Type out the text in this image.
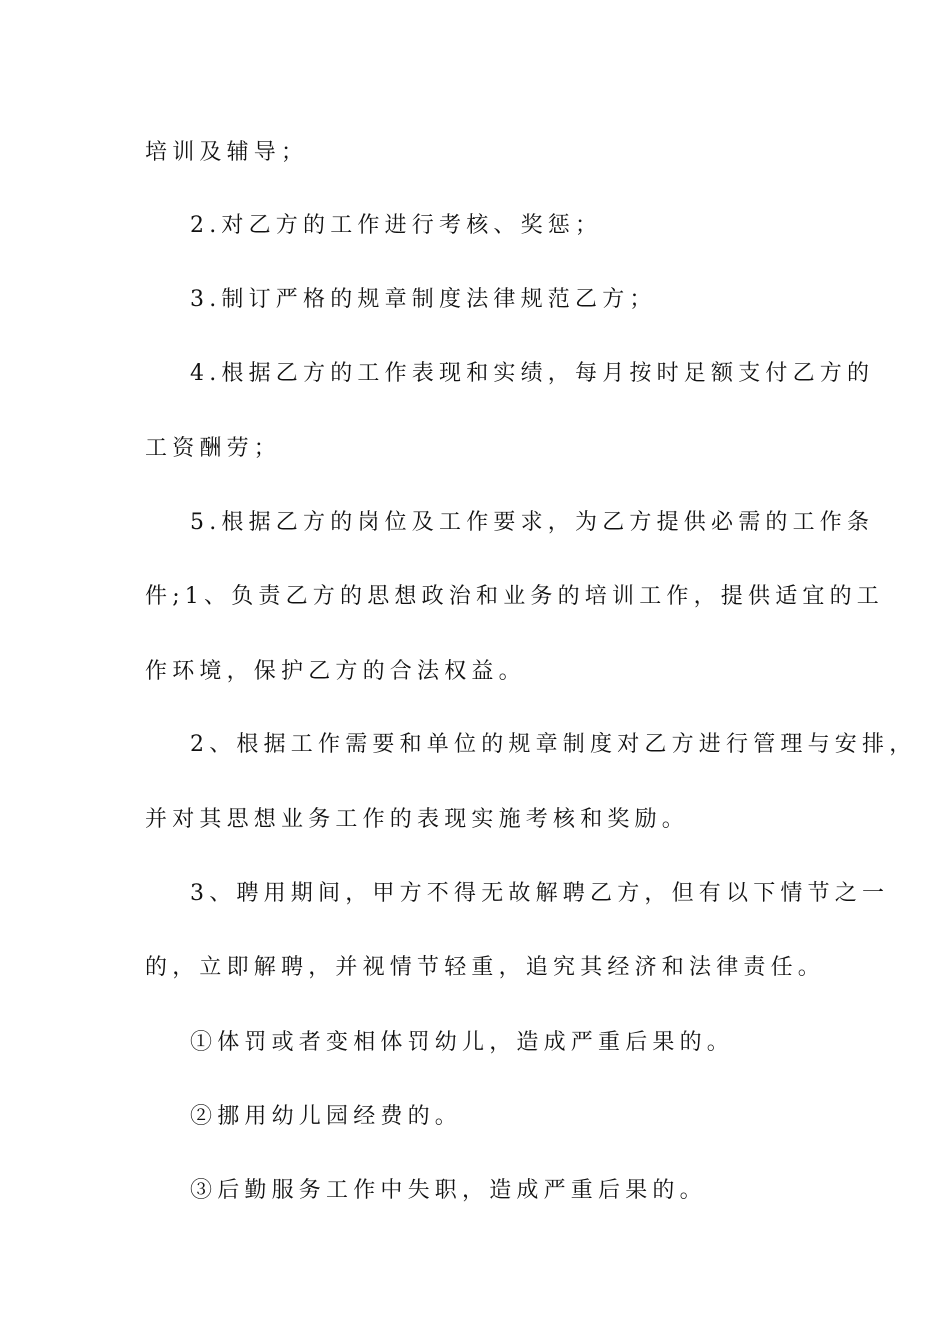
培训及辅导；
2.对乙方的工作进行考核、奖惩；
3.制订严格的规章制度法律规范乙方；
4.根据乙方的工作表现和实绩，每月按时足额支付乙方的
工资酬劳；
5.根据乙方的岗位及工作要求，为乙方提供必需的工作条
件;1、负责乙方的思想政治和业务的培训工作，提供适宜的工
作环境，保护乙方的合法权益。
2、根据工作需要和单位的规章制度对乙方进行管理与安排，
并对其思想业务工作的表现实施考核和奖励。
3、聘用期间，甲方不得无故解聘乙方，但有以下情节之一
的，立即解聘，并视情节轻重，追究其经济和法律责任。
①体罚或者变相体罚幼儿，造成严重后果的。
②挪用幼儿园经费的。
③后勤服务工作中失职，造成严重后果的。
